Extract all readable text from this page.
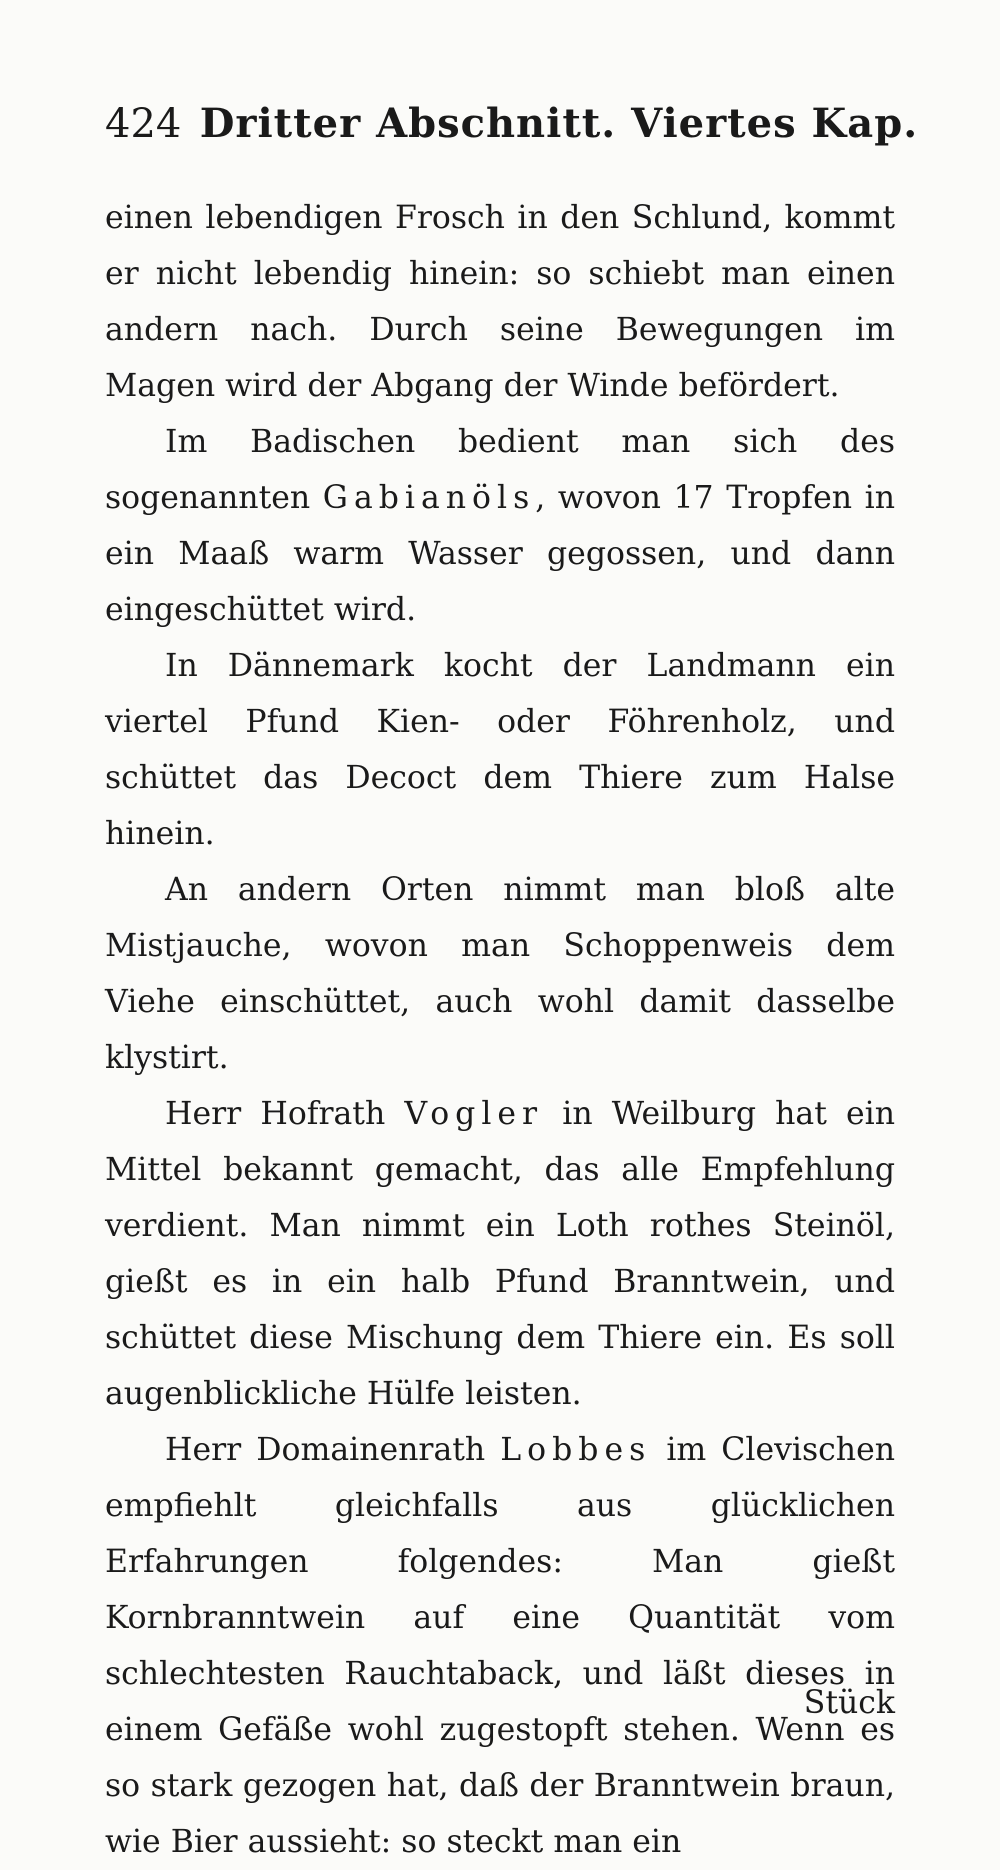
424 Dritter Abschnitt. Viertes Kap.

einen lebendigen Frosch in den Schlund, kommt er nicht lebendig hinein: so schiebt man einen andern nach. Durch seine Bewegungen im Magen wird der Abgang der Winde befördert.

Im Badischen bedient man sich des sogenannten Gabianöls, wovon 17 Tropfen in ein Maaß warm Wasser gegossen, und dann eingeschüttet wird.

In Dännemark kocht der Landmann ein viertel Pfund Kien- oder Föhrenholz, und schüttet das Decoct dem Thiere zum Halse hinein.

An andern Orten nimmt man bloß alte Mistjauche, wovon man Schoppenweis dem Viehe einschüttet, auch wohl damit dasselbe klystirt.

Herr Hofrath Vogler in Weilburg hat ein Mittel bekannt gemacht, das alle Empfehlung verdient. Man nimmt ein Loth rothes Steinöl, gießt es in ein halb Pfund Branntwein, und schüttet diese Mischung dem Thiere ein. Es soll augenblickliche Hülfe leisten.

Herr Domainenrath Lobbes im Clevischen empfiehlt gleichfalls aus glücklichen Erfahrungen folgendes: Man gießt Kornbranntwein auf eine Quantität vom schlechtesten Rauchtaback, und läßt dieses in einem Gefäße wohl zugestopft stehen. Wenn es so stark gezogen hat, daß der Branntwein braun, wie Bier aussieht: so steckt man ein

Stück
